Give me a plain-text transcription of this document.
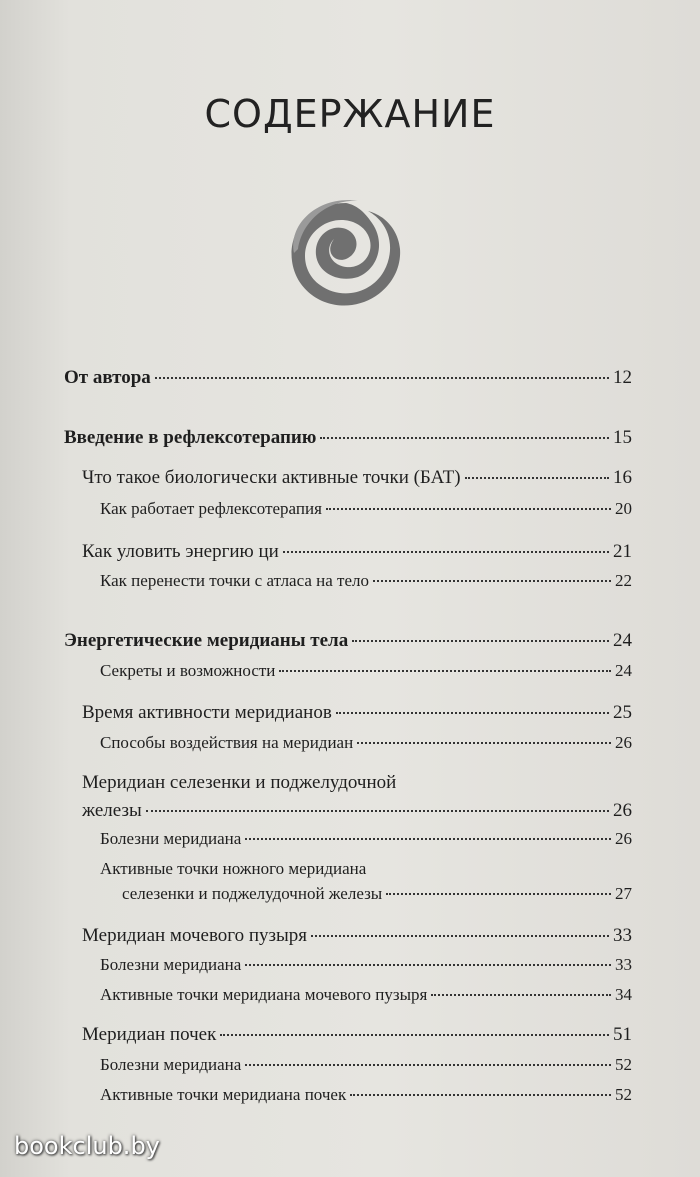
СОДЕРЖАНИЕ
От автора	12
Введение в рефлексотерапию	15
Что такое биологически активные точки (БАТ)	16
Как работает рефлексотерапия	20
Как уловить энергию ци	21
Как перенести точки с атласа на тело	22
Энергетические меридианы тела	24
Секреты и возможности	24
Время активности меридианов	25
Способы воздействия на меридиан	26
Меридиан селезенки и поджелудочной
железы	26
Болезни меридиана	26
Активные точки ножного меридиана
селезенки и поджелудочной железы	27
Меридиан мочевого пузыря	33
Болезни меридиана	33
Активные точки меридиана мочевого пузыря	34
Меридиан почек	51
Болезни меридиана	52
Активные точки меридиана почек	52
bookclub.by
